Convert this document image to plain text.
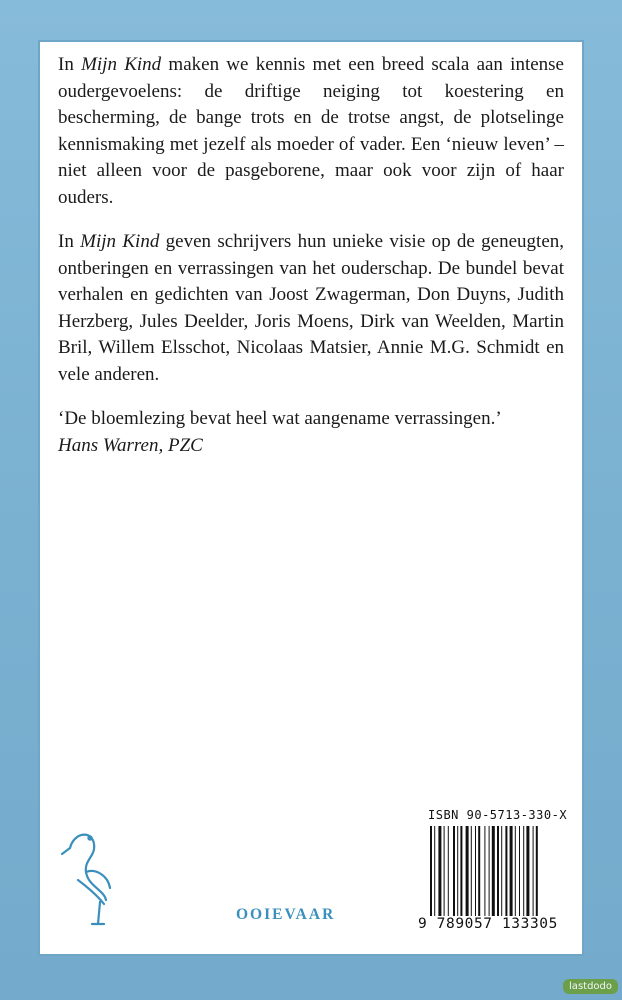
In Mijn Kind maken we kennis met een breed scala aan intense oudergevoelens: de driftige neiging tot koestering en bescherming, de bange trots en de trotse angst, de plotselinge kennismaking met jezelf als moeder of vader. Een ‘nieuw leven’ – niet alleen voor de pasgeborene, maar ook voor zijn of haar ouders.

In Mijn Kind geven schrijvers hun unieke visie op de geneugten, ontberingen en verrassingen van het ouderschap. De bundel bevat verhalen en gedichten van Joost Zwagerman, Don Duyns, Judith Herzberg, Jules Deelder, Joris Moens, Dirk van Weelden, Martin Bril, Willem Elsschot, Nicolaas Matsier, Annie M.G. Schmidt en vele anderen.

‘De bloemlezing bevat heel wat aangename verrassingen.’
Hans Warren, PZC

OOIEVAAR
ISBN 90-5713-330-X
9 789057 133305
lastdodo
